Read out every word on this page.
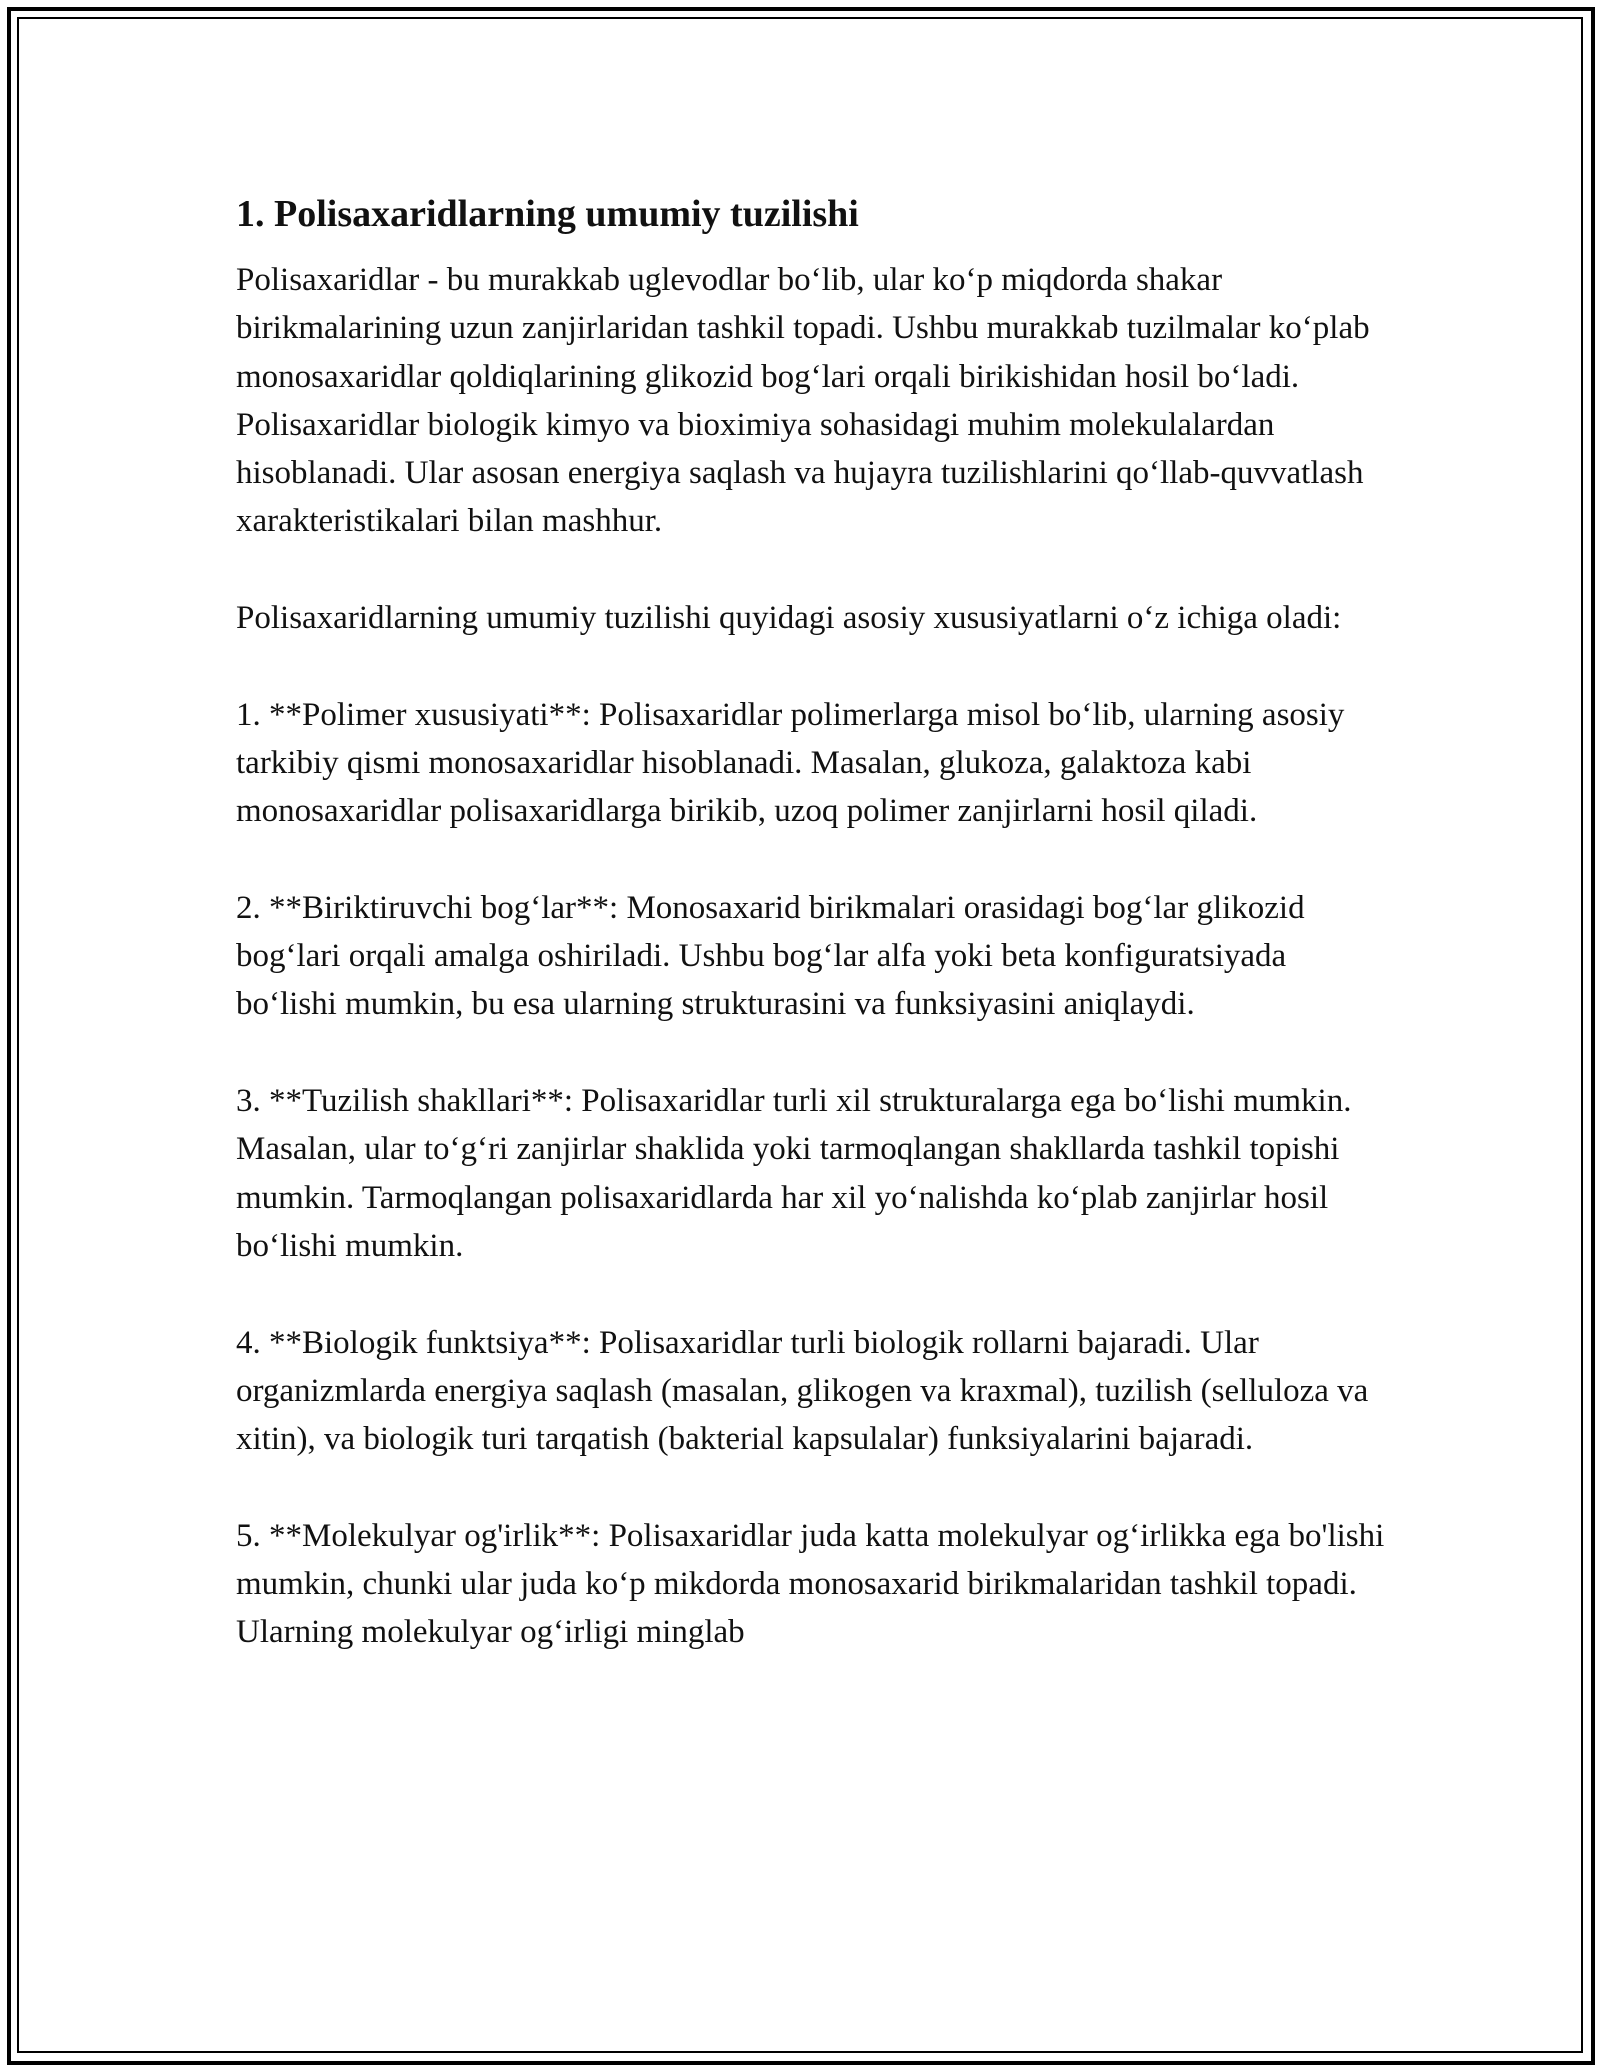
1. Polisaxaridlarning umumiy tuzilishi

Polisaxaridlar - bu murakkab uglevodlar bo‘lib, ular ko‘p miqdorda shakar birikmalarining uzun zanjirlaridan tashkil topadi. Ushbu murakkab tuzilmalar ko‘plab monosaxaridlar qoldiqlarining glikozid bog‘lari orqali birikishidan hosil bo‘ladi. Polisaxaridlar biologik kimyo va bioximiya sohasidagi muhim molekulalardan hisoblanadi. Ular asosan energiya saqlash va hujayra tuzilishlarini qo‘llab-quvvatlash xarakteristikalari bilan mashhur.

Polisaxaridlarning umumiy tuzilishi quyidagi asosiy xususiyatlarni o‘z ichiga oladi:

1. **Polimer xususiyati**: Polisaxaridlar polimerlarga misol bo‘lib, ularning asosiy tarkibiy qismi monosaxaridlar hisoblanadi. Masalan, glukoza, galaktoza kabi monosaxaridlar polisaxaridlarga birikib, uzoq polimer zanjirlarni hosil qiladi.

2. **Biriktiruvchi bog‘lar**: Monosaxarid birikmalari orasidagi bog‘lar glikozid bog‘lari orqali amalga oshiriladi. Ushbu bog‘lar alfa yoki beta konfiguratsiyada bo‘lishi mumkin, bu esa ularning strukturasini va funksiyasini aniqlaydi.

3. **Tuzilish shakllari**: Polisaxaridlar turli xil strukturalarga ega bo‘lishi mumkin. Masalan, ular to‘g‘ri zanjirlar shaklida yoki tarmoqlangan shakllarda tashkil topishi mumkin. Tarmoqlangan polisaxaridlarda har xil yo‘nalishda ko‘plab zanjirlar hosil bo‘lishi mumkin.

4. **Biologik funktsiya**: Polisaxaridlar turli biologik rollarni bajaradi. Ular organizmlarda energiya saqlash (masalan, glikogen va kraxmal), tuzilish (selluloza va xitin), va biologik turi tarqatish (bakterial kapsulalar) funksiyalarini bajaradi.

5. **Molekulyar og'irlik**: Polisaxaridlar juda katta molekulyar og‘irlikka ega bo'lishi mumkin, chunki ular juda ko‘p mikdorda monosaxarid birikmalaridan tashkil topadi. Ularning molekulyar og‘irligi minglab
